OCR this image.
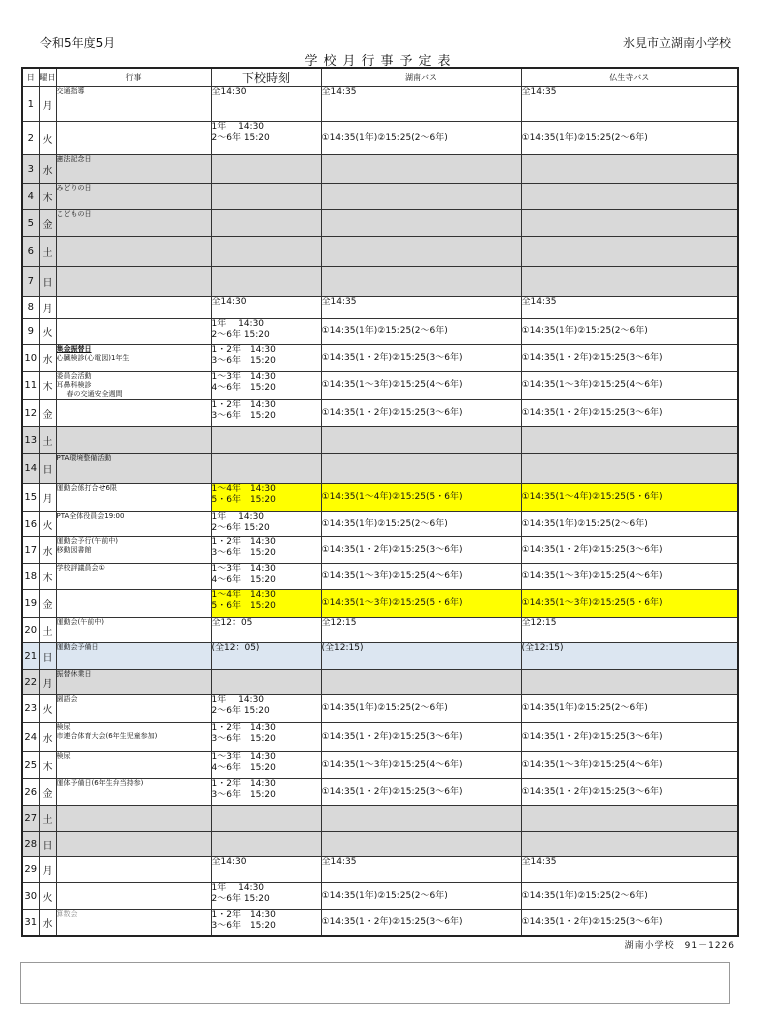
令和5年度5月	氷見市立湖南小学校
学校月行事予定表
日	曜日	行事	下校時刻	湖南バス	仏生寺バス
1	月	交通指導	全14:30	全14:35	全14:35
2	火		1年　 14:30
2～6年 15:20	①14:35(1年)②15:25(2～6年)	①14:35(1年)②15:25(2～6年)
3	水	憲法記念日			

4	木	みどりの日			

5	金	こどもの日			

6	土				
7	日				
8	月		全14:30	全14:35	全14:35
9	火		1年　 14:30
2～6年 15:20	①14:35(1年)②15:25(2～6年)	①14:35(1年)②15:25(2～6年)
10	水	集金振替日
心臓検診(心電図)1年生	1・2年　14:30
3～6年　15:20	①14:35(1・2年)②15:25(3～6年)	①14:35(1・2年)②15:25(3～6年)
11	木	委員会活動
耳鼻科検診
春の交通安全週間	1～3年　14:30
4～6年　15:20	①14:35(1～3年)②15:25(4～6年)	①14:35(1～3年)②15:25(4～6年)
12	金		1・2年　14:30
3～6年　15:20	①14:35(1・2年)②15:25(3～6年)	①14:35(1・2年)②15:25(3～6年)
13	土				
14	日	PTA環境整備活動			

15	月	運動会係打合せ6限	1～4年　14:30
5・6年　15:20	①14:35(1～4年)②15:25(5・6年)	①14:35(1～4年)②15:25(5・6年)
16	火	PTA全体役員会19:00	1年　 14:30
2～6年 15:20	①14:35(1年)②15:25(2～6年)	①14:35(1年)②15:25(2～6年)
17	水	運動会予行(午前中)
移動図書館	1・2年　14:30
3～6年　15:20	①14:35(1・2年)②15:25(3～6年)	①14:35(1・2年)②15:25(3～6年)
18	木	学校評議員会①	1～3年　14:30
4～6年　15:20	①14:35(1～3年)②15:25(4～6年)	①14:35(1～3年)②15:25(4～6年)
19	金		1～4年　14:30
5・6年　15:20	①14:35(1～3年)②15:25(5・6年)	①14:35(1～3年)②15:25(5・6年)
20	土	運動会(午前中)	全12：05	全12:15	全12:15
21	日	運動会予備日	(全12：05)	(全12:15)	(全12:15)
22	月	振替休業日			

23	火	園語会	1年　 14:30
2～6年 15:20	①14:35(1年)②15:25(2～6年)	①14:35(1年)②15:25(2～6年)
24	水	検尿
市連合体育大会(6年生児童参加)	1・2年　14:30
3～6年　15:20	①14:35(1・2年)②15:25(3～6年)	①14:35(1・2年)②15:25(3～6年)
25	木	検尿	1～3年　14:30
4～6年　15:20	①14:35(1～3年)②15:25(4～6年)	①14:35(1～3年)②15:25(4～6年)
26	金	運体予備日(6年生弁当持参)	1・2年　14:30
3～6年　15:20	①14:35(1・2年)②15:25(3～6年)	①14:35(1・2年)②15:25(3～6年)
27	土				
28	日				
29	月		全14:30	全14:35	全14:35
30	火		1年　 14:30
2～6年 15:20	①14:35(1年)②15:25(2～6年)	①14:35(1年)②15:25(2～6年)
31	水	算数会	1・2年　14:30
3～6年　15:20	①14:35(1・2年)②15:25(3～6年)	①14:35(1・2年)②15:25(3～6年)
湖南小学校　91－1226
